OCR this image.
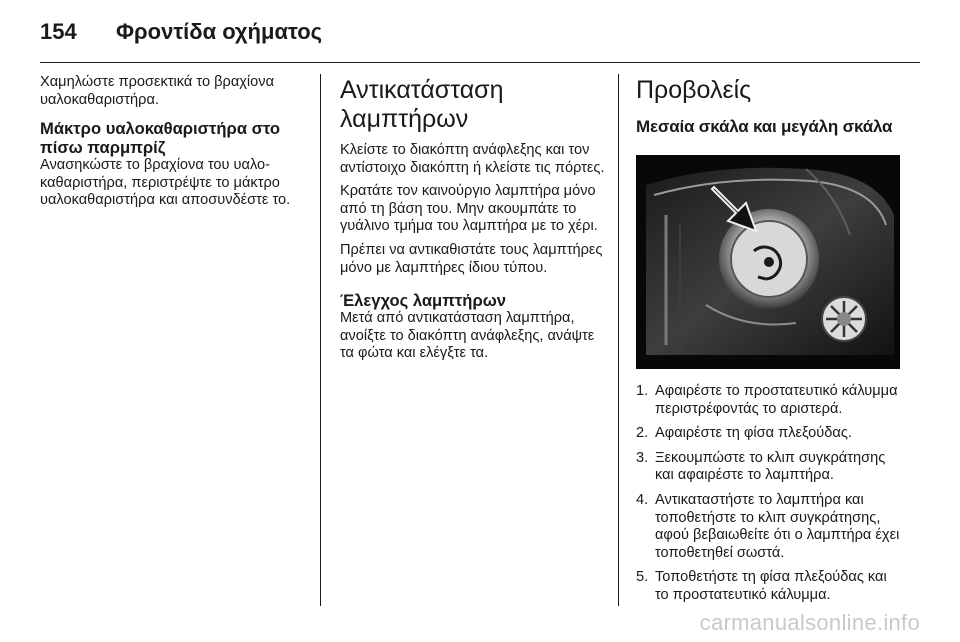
154	Φροντίδα οχήματος

Χαμηλώστε προσεκτικά το βραχίονα υαλοκαθαριστήρα.

Μάκτρο υαλοκαθαριστήρα στο πίσω παρμπρίζ

Ανασηκώστε το βραχίονα του υαλοκαθαριστήρα, περιστρέψτε το μάκτρο υαλοκαθαριστήρα και αποσυνδέστε το.

Αντικατάσταση λαμπτήρων

Κλείστε το διακόπτη ανάφλεξης και τον αντίστοιχο διακόπτη ή κλείστε τις πόρτες.

Κρατάτε τον καινούργιο λαμπτήρα μόνο από τη βάση του. Μην ακουμπάτε το γυάλινο τμήμα του λαμπτήρα με το χέρι.

Πρέπει να αντικαθιστάτε τους λαμπτήρες μόνο με λαμπτήρες ίδιου τύπου.

Έλεγχος λαμπτήρων

Μετά από αντικατάσταση λαμπτήρα, ανοίξτε το διακόπτη ανάφλεξης, ανάψτε τα φώτα και ελέγξτε τα.

Προβολείς
Μεσαία σκάλα και μεγάλη σκάλα
1. Αφαιρέστε το προστατευτικό κάλυμμα περιστρέφοντάς το αριστερά.
2. Αφαιρέστε τη φίσα πλεξούδας.
3. Ξεκουμπώστε το κλιπ συγκράτησης και αφαιρέστε το λαμπτήρα.
4. Αντικαταστήστε το λαμπτήρα και τοποθετήστε το κλιπ συγκράτησης, αφού βεβαιωθείτε ότι ο λαμπτήρα έχει τοποθετηθεί σωστά.
5. Τοποθετήστε τη φίσα πλεξούδας και το προστατευτικό κάλυμμα.
carmanualsonline.info
